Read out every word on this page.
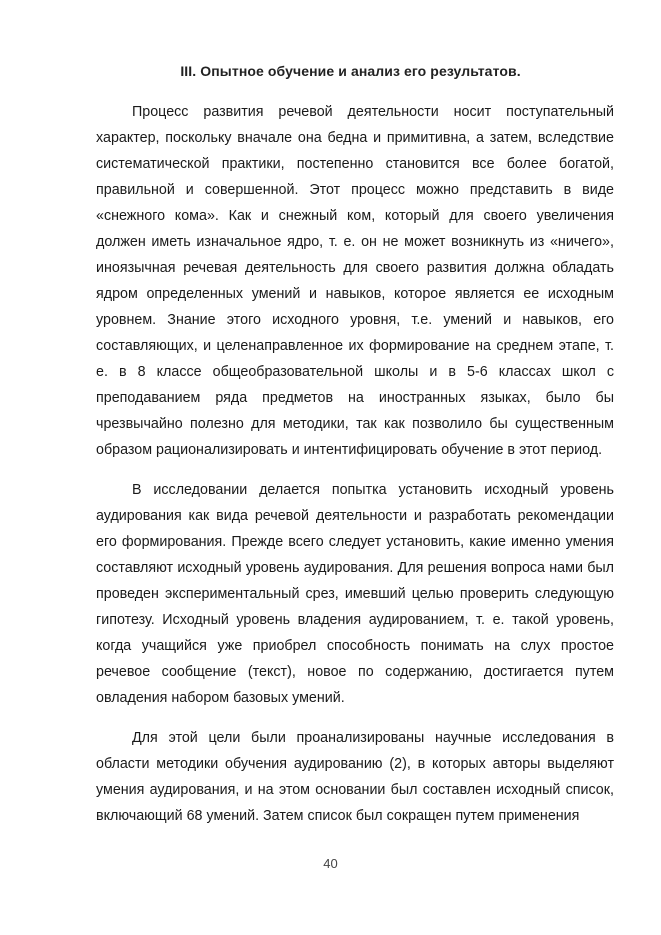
III. Опытное обучение и анализ его результатов.

Процесс развития речевой деятельности носит поступательный характер, поскольку вначале она бедна и примитивна, а затем, вследствие систематической практики, постепенно становится все более богатой, правильной и совершенной. Этот процесс можно представить в виде «снежного кома». Как и снежный ком, который для своего увеличения должен иметь изначальное ядро, т. е. он не может возникнуть из «ничего», иноязычная речевая деятельность для своего развития должна обладать ядром определенных умений и навыков, которое является ее исходным уровнем. Знание этого исходного уровня, т.е. умений и навыков, его составляющих, и целенаправленное их формирование на среднем этапе, т. е. в 8 классе общеобразовательной школы и в 5-6 классах школ с преподаванием ряда предметов на иностранных языках, было бы чрезвычайно полезно для методики, так как позволило бы существенным образом рационализировать и интентифицировать обучение в этот период.

В исследовании делается попытка установить исходный уровень аудирования как вида речевой деятельности и разработать рекомендации его формирования. Прежде всего следует установить, какие именно умения составляют исходный уровень аудирования. Для решения вопроса нами был проведен экспериментальный срез, имевший целью проверить следующую гипотезу. Исходный уровень владения аудированием, т. е. такой уровень, когда учащийся уже приобрел способность понимать на слух простое речевое сообщение (текст), новое по содержанию, достигается путем овладения набором базовых умений.

Для этой цели были проанализированы научные исследования в области методики обучения аудированию (2), в которых авторы выделяют умения аудирования, и на этом основании был составлен исходный список, включающий 68 умений. Затем список был сокращен путем применения

40
